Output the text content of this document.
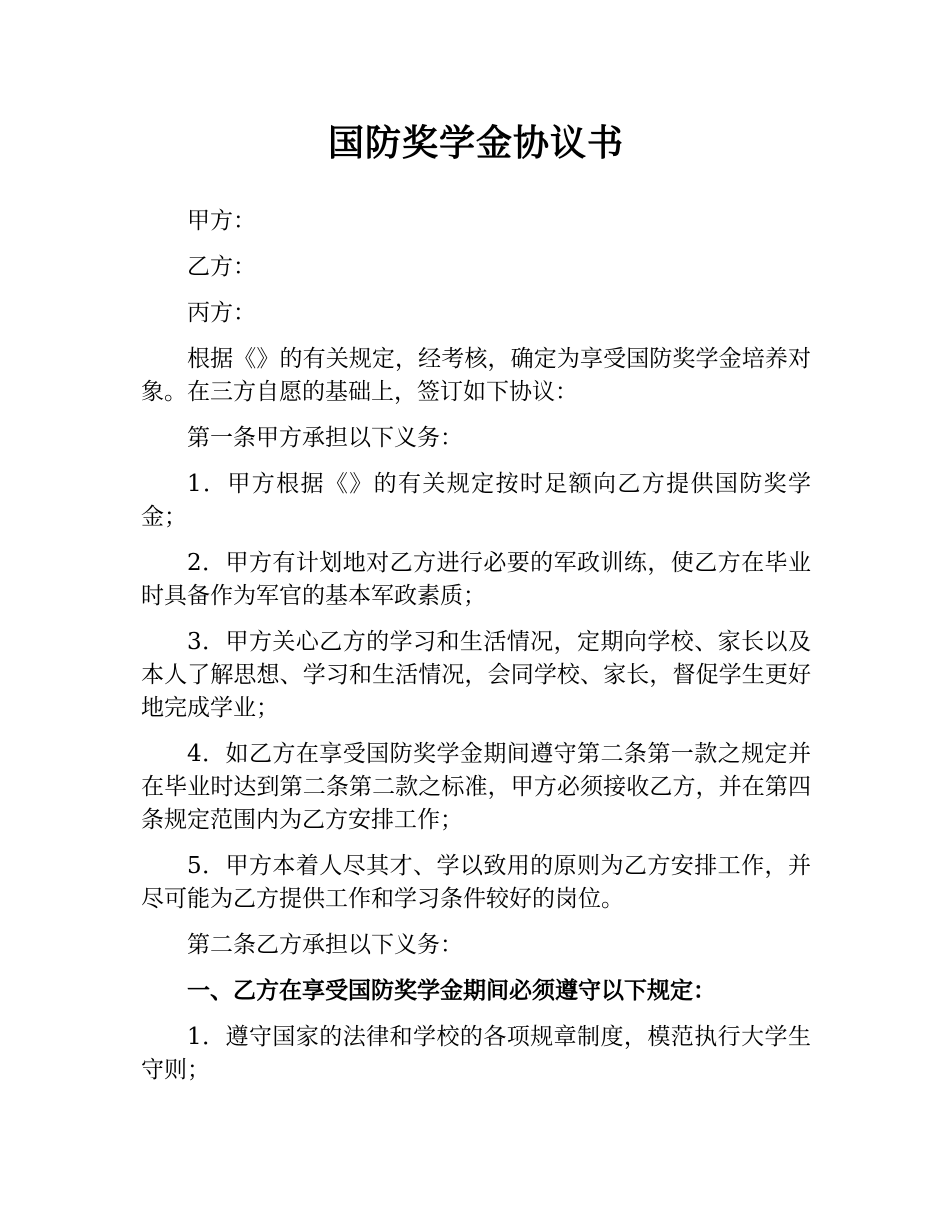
国防奖学金协议书

甲方：

乙方：

丙方：

根据《》的有关规定，经考核，确定为享受国防奖学金培养对象。在三方自愿的基础上，签订如下协议：

第一条甲方承担以下义务：

1．甲方根据《》的有关规定按时足额向乙方提供国防奖学金；

2．甲方有计划地对乙方进行必要的军政训练，使乙方在毕业时具备作为军官的基本军政素质；

3．甲方关心乙方的学习和生活情况，定期向学校、家长以及本人了解思想、学习和生活情况，会同学校、家长，督促学生更好地完成学业；

4．如乙方在享受国防奖学金期间遵守第二条第一款之规定并在毕业时达到第二条第二款之标准，甲方必须接收乙方，并在第四条规定范围内为乙方安排工作；

5．甲方本着人尽其才、学以致用的原则为乙方安排工作，并尽可能为乙方提供工作和学习条件较好的岗位。

第二条乙方承担以下义务：

一、乙方在享受国防奖学金期间必须遵守以下规定：

1．遵守国家的法律和学校的各项规章制度，模范执行大学生守则；
